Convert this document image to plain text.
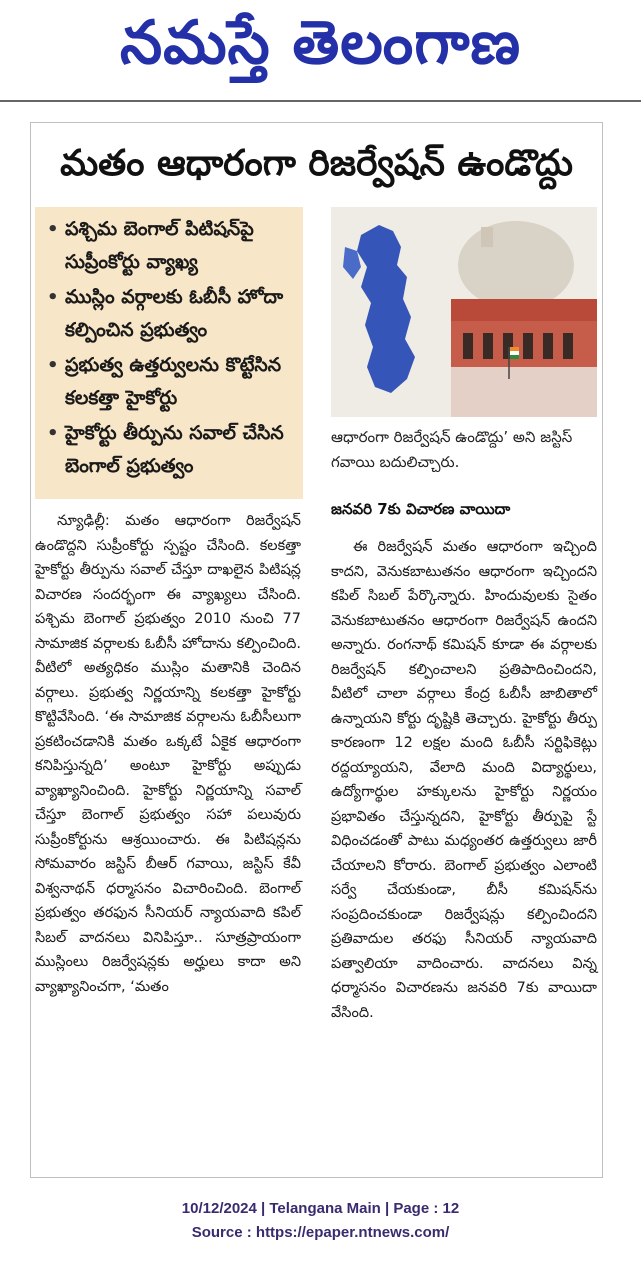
నమస్తే తెలంగాణ
మతం ఆధారంగా రిజర్వేషన్ ఉండొద్దు
• పశ్చిమ బెంగాల్ పిటిషన్‌పై సుప్రీంకోర్టు వ్యాఖ్య
• ముస్లిం వర్గాలకు ఓబీసీ హోదా కల్పించిన ప్రభుత్వం
• ప్రభుత్వ ఉత్తర్వులను కొట్టేసిన కలకత్తా హైకోర్టు
• హైకోర్టు తీర్పును సవాల్ చేసిన బెంగాల్ ప్రభుత్వం
ఆధారంగా రిజర్వేషన్ ఉండొద్దు’ అని జస్టిస్ గవాయి బదులిచ్చారు.
జనవరి 7కు విచారణ వాయిదా

న్యూఢిల్లీ: మతం ఆధారంగా రిజర్వేషన్ ఉండొద్దని సుప్రీంకోర్టు స్పష్టం చేసింది. కలకత్తా హైకోర్టు తీర్పును సవాల్ చేస్తూ దాఖలైన పిటిషన్ల విచారణ సందర్భంగా ఈ వ్యాఖ్యలు చేసింది. పశ్చిమ బెంగాల్ ప్రభుత్వం 2010 నుంచి 77 సామాజిక వర్గాలకు ఓబీసీ హోదాను కల్పించింది. వీటిలో అత్యధికం ముస్లిం మతానికి చెందిన వర్గాలు. ప్రభుత్వ నిర్ణయాన్ని కలకత్తా హైకోర్టు కొట్టివేసింది. ‘ఈ సామాజిక వర్గాలను ఓబీసీలుగా ప్రకటించడానికి మతం ఒక్కటే ఏకైక ఆధారంగా కనిపిస్తున్నది’ అంటూ హైకోర్టు అప్పుడు వ్యాఖ్యానించింది. హైకోర్టు నిర్ణయాన్ని సవాల్ చేస్తూ బెంగాల్ ప్రభుత్వం సహా పలువురు సుప్రీంకోర్టును ఆశ్రయించారు. ఈ పిటిషన్లను సోమవారం జస్టిస్ బీఆర్ గవాయి, జస్టిస్ కేవీ విశ్వనాథన్ ధర్మాసనం విచారించింది. బెంగాల్ ప్రభుత్వం తరఫున సీనియర్ న్యాయవాది కపిల్ సిబల్ వాదనలు వినిపిస్తూ.. సూత్రప్రాయంగా ముస్లింలు రిజర్వేషన్లకు అర్హులు కాదా అని వ్యాఖ్యానించగా, ‘మతం

ఈ రిజర్వేషన్ మతం ఆధారంగా ఇచ్చింది కాదని, వెనుకబాటుతనం ఆధారంగా ఇచ్చిందని కపిల్ సిబల్ పేర్కొన్నారు. హిందువులకు సైతం వెనుకబాటుతనం ఆధారంగా రిజర్వేషన్ ఉందని అన్నారు. రంగనాథ్ కమిషన్ కూడా ఈ వర్గాలకు రిజర్వేషన్ కల్పించాలని ప్రతిపాదించిందని, వీటిలో చాలా వర్గాలు కేంద్ర ఓబీసీ జాబితాలో ఉన్నాయని కోర్టు దృష్టికి తెచ్చారు. హైకోర్టు తీర్పు కారణంగా 12 లక్షల మంది ఓబీసీ సర్టిఫికెట్లు రద్దయ్యాయని, వేలాది మంది విద్యార్థులు, ఉద్యోగార్థుల హక్కులను హైకోర్టు నిర్ణయం ప్రభావితం చేస్తున్నదని, హైకోర్టు తీర్పుపై స్టే విధించడంతో పాటు మధ్యంతర ఉత్తర్వులు జారీ చేయాలని కోరారు. బెంగాల్ ప్రభుత్వం ఎలాంటి సర్వే చేయకుండా, బీసీ కమిషన్‌ను సంప్రదించకుండా రిజర్వేషన్లు కల్పించిందని ప్రతివాదుల తరఫు సీనియర్ న్యాయవాది పత్వాలియా వాదించారు. వాదనలు విన్న ధర్మాసనం విచారణను జనవరి 7కు వాయిదా వేసింది.

10/12/2024 | Telangana Main | Page : 12
Source : https://epaper.ntnews.com/
